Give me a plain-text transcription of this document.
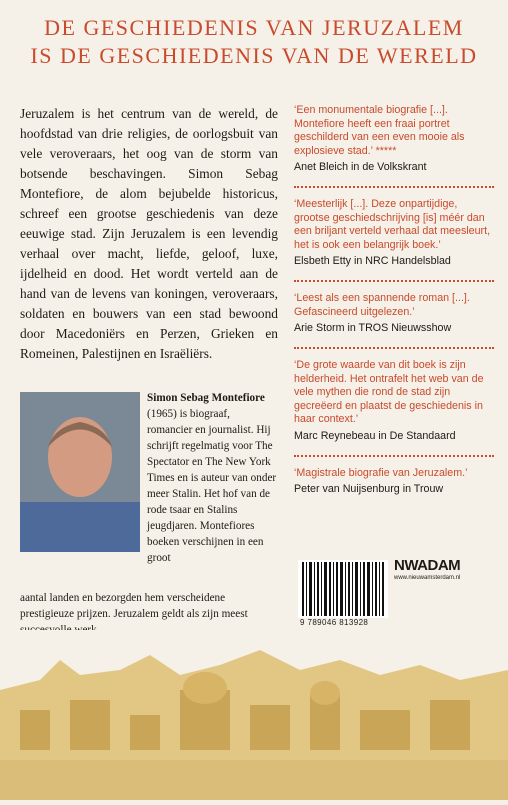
DE GESCHIEDENIS VAN JERUZALEM
IS DE GESCHIEDENIS VAN DE WERELD
Jeruzalem is het centrum van de wereld, de hoofdstad van drie religies, de oorlogsbuit van vele veroveraars, het oog van de storm van botsende beschavingen. Simon Sebag Montefiore, de alom bejubelde historicus, schreef een grootse geschiedenis van deze eeuwige stad. Zijn Jeruzalem is een levendig verhaal over macht, liefde, geloof, luxe, ijdelheid en dood. Het wordt verteld aan de hand van de levens van koningen, veroveraars, soldaten en bouwers van een stad bewoond door Macedoniërs en Perzen, Grieken en Romeinen, Palestijnen en Israëliërs.
‘Een monumentale biografie [...]. Montefiore heeft een fraai portret geschilderd van een even mooie als explosieve stad.’ *****
Anet Bleich in de Volkskrant
‘Meesterlijk [...]. Deze onpartijdige, grootse geschiedschrijving [is] méér dan een briljant verteld verhaal dat meesleurt, het is ook een belangrijk boek.’
Elsbeth Etty in NRC Handelsblad
‘Leest als een spannende roman [...]. Gefascineerd uitgelezen.’
Arie Storm in TROS Nieuwsshow
‘De grote waarde van dit boek is zijn helderheid. Het ontrafelt het web van de vele mythen die rond de stad zijn gecreëerd en plaatst de geschiedenis in haar context.’
Marc Reynebeau in De Standaard
‘Magistrale biografie van Jeruzalem.’
Peter van Nuijsenburg in Trouw
Simon Sebag Montefiore (1965) is biograaf, romancier en journalist. Hij schrijft regelmatig voor The Spectator en The New York Times en is auteur van onder meer Stalin. Het hof van de rode tsaar en Stalins jeugdjaren. Montefiores boeken verschijnen in een groot
aantal landen en bezorgden hem verscheidene prestigieuze prijzen. Jeruzalem geldt als zijn meest
9 789046 813928
NWADAM
www.nieuwamsterdam.nl
